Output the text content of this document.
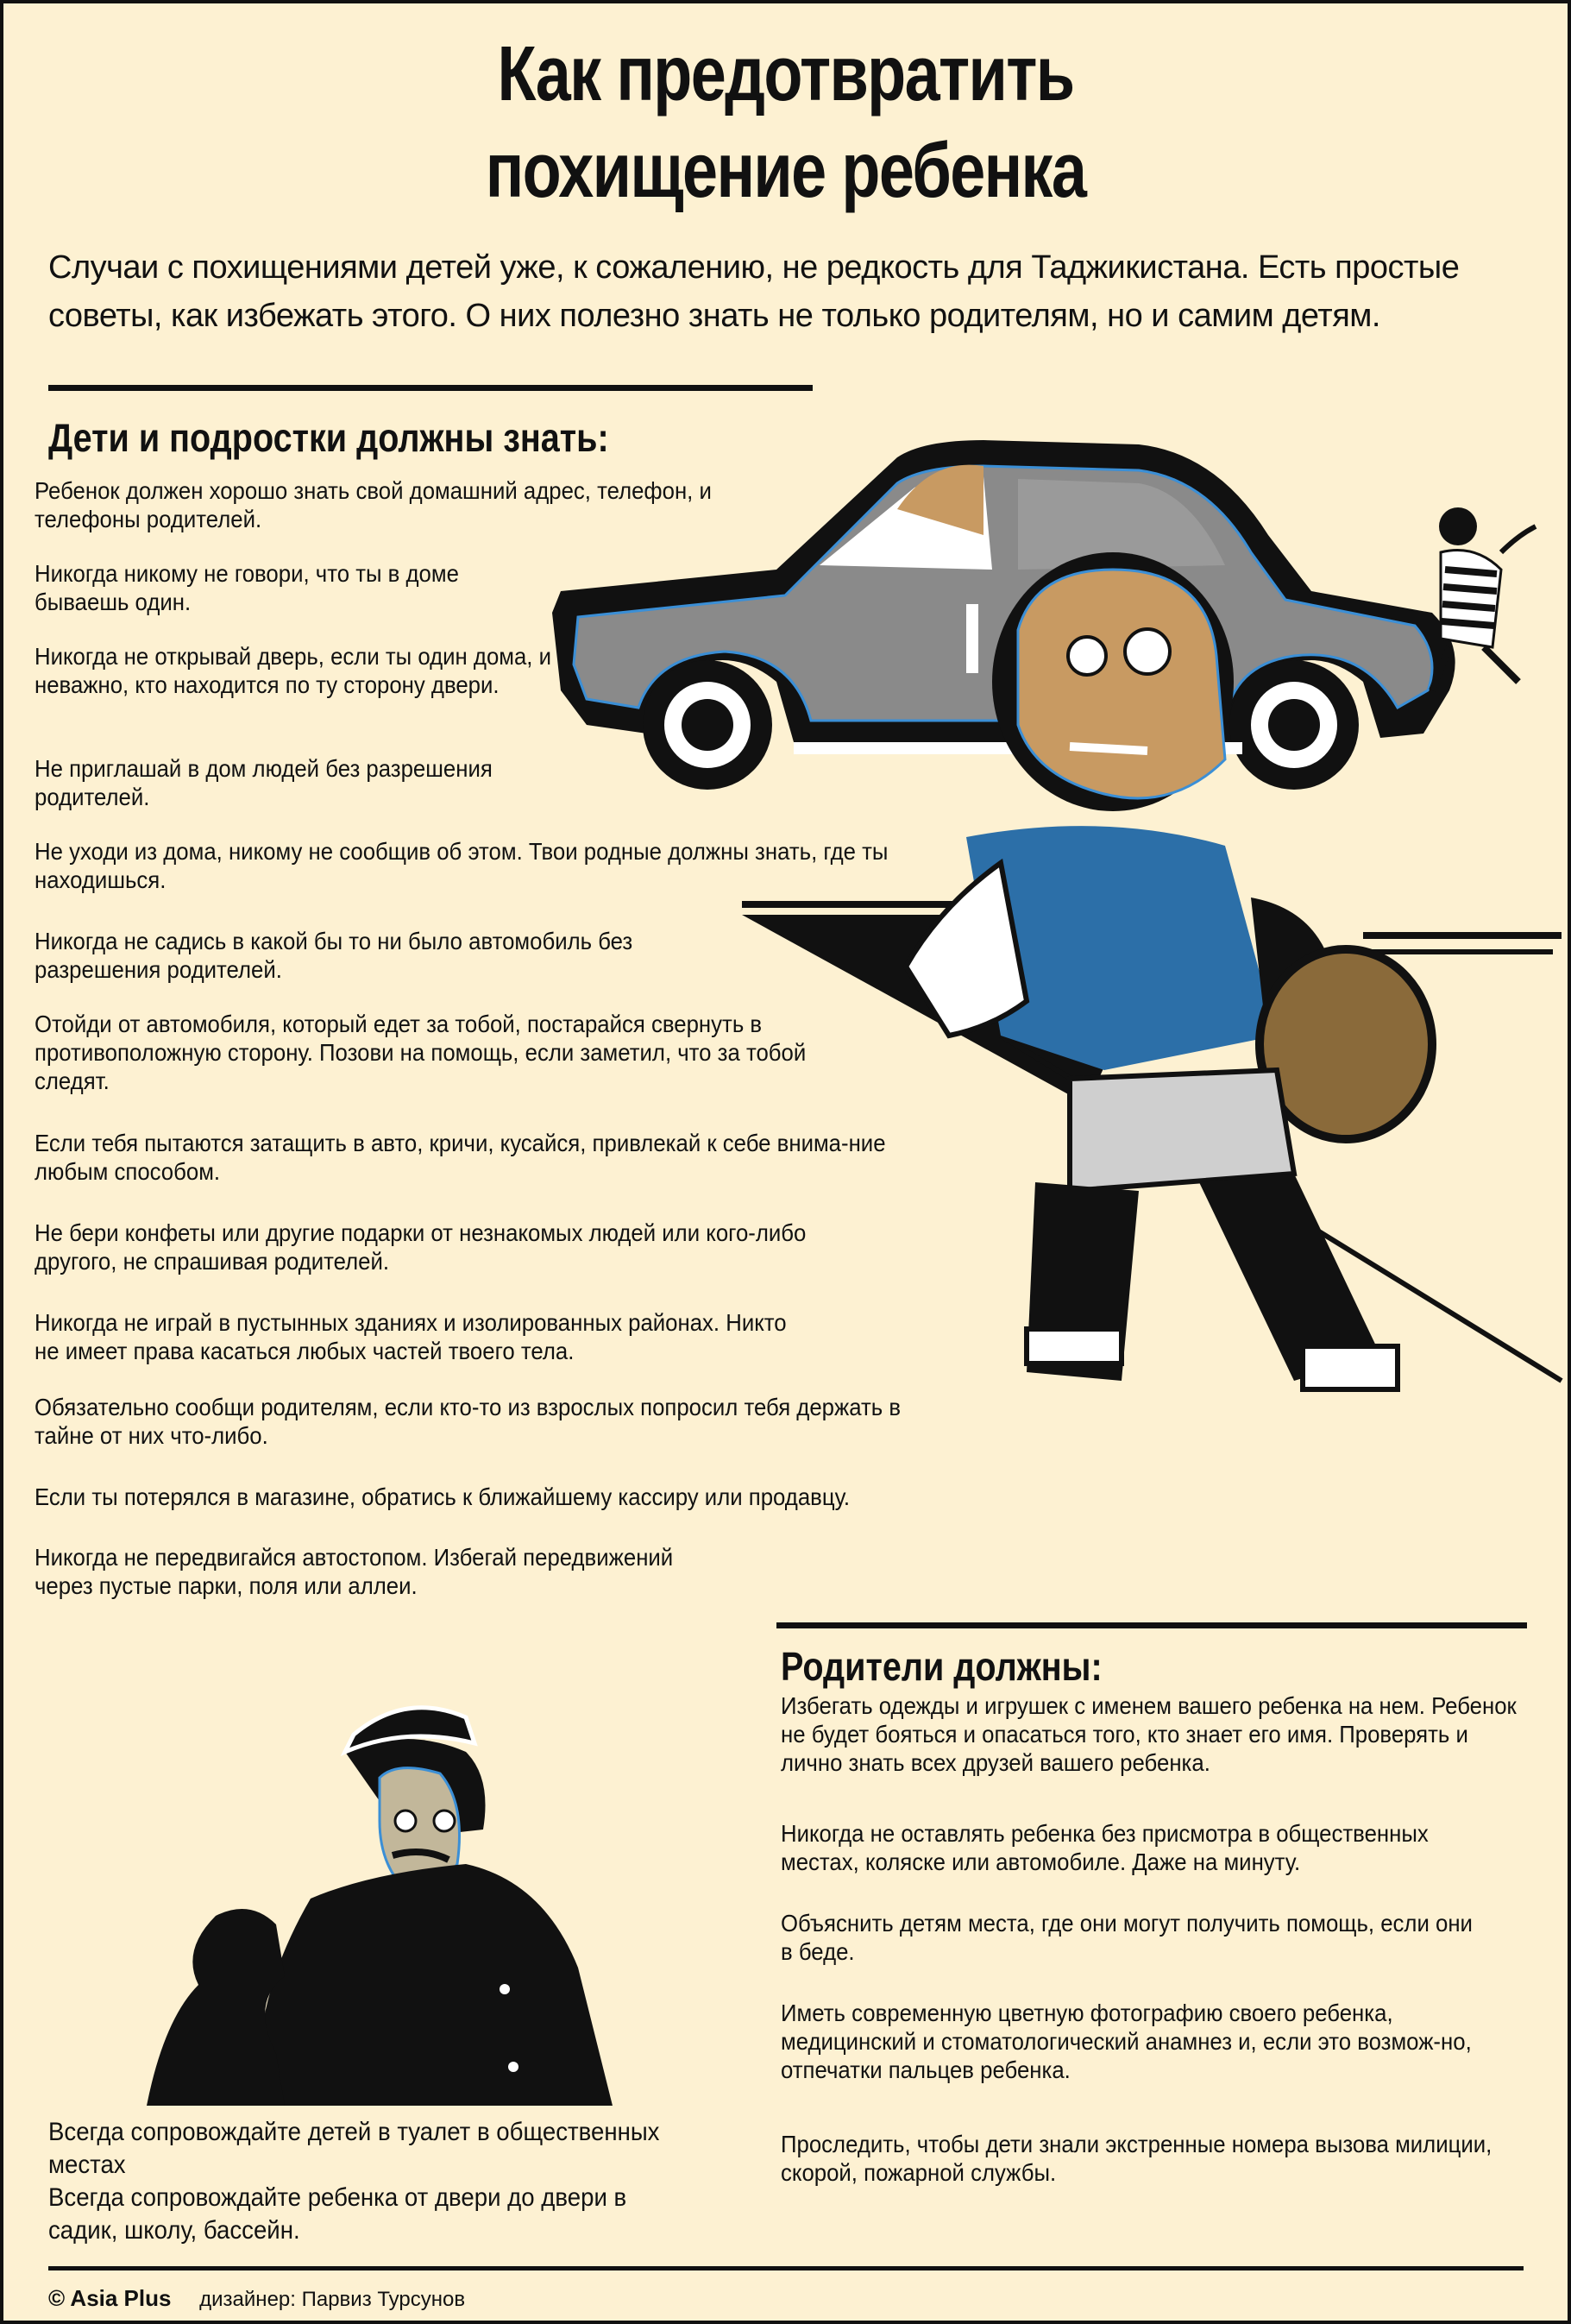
Как предотвратить
похищение ребенка
Случаи с похищениями детей уже, к сожалению, не редкость для Таджикистана. Есть простые советы, как избежать этого. О них полезно знать не только родителям, но и самим детям.
Дети и подростки должны знать:

Ребенок должен хорошо знать свой домашний адрес, телефон, и телефоны родителей.

Никогда никому не говори, что ты в доме бываешь один.

Никогда не открывай дверь, если ты один дома, и неважно, кто находится по ту сторону двери.

Не приглашай в дом людей без разрешения родителей.

Не уходи из дома, никому не сообщив об этом. Твои родные должны знать, где ты находишься.

Никогда не садись в какой бы то ни было автомобиль без разрешения родителей.

Отойди от автомобиля, который едет за тобой, постарайся свернуть в противоположную сторону. Позови на помощь, если заметил, что за тобой следят.

Если тебя пытаются затащить в авто, кричи, кусайся, привлекай к себе внима-ние любым способом.

Не бери конфеты или другие подарки от незнакомых людей или кого-либо другого, не спрашивая родителей.

Никогда не играй в пустынных зданиях и изолированных районах. Никто не имеет права касаться любых частей твоего тела.

Обязательно сообщи родителям, если кто-то из взрослых попросил тебя держать в тайне от них что-либо.

Если ты потерялся в магазине, обратись к ближайшему кассиру или продавцу.

Никогда не передвигайся автостопом. Избегай передвижений через пустые парки, поля или аллеи.

Родители должны:

Избегать одежды и игрушек с именем вашего ребенка на нем. Ребенок не будет бояться и опасаться того, кто знает его имя. Проверять и лично знать всех друзей вашего ребенка.

Никогда не оставлять ребенка без присмотра в общественных местах, коляске или автомобиле. Даже на минуту.

Объяснить детям места, где они могут получить помощь, если они в беде.

Иметь современную цветную фотографию своего ребенка, медицинский и стоматологический анамнез и, если это возмож-но, отпечатки пальцев ребенка.

Проследить, чтобы дети знали экстренные номера вызова милиции, скорой, пожарной службы.

Всегда сопровождайте детей в туалет в общественных местах

Всегда сопровождайте ребенка от двери до двери в садик, школу, бассейн.

© Asia Plus дизайнер: Парвиз Турсунов
